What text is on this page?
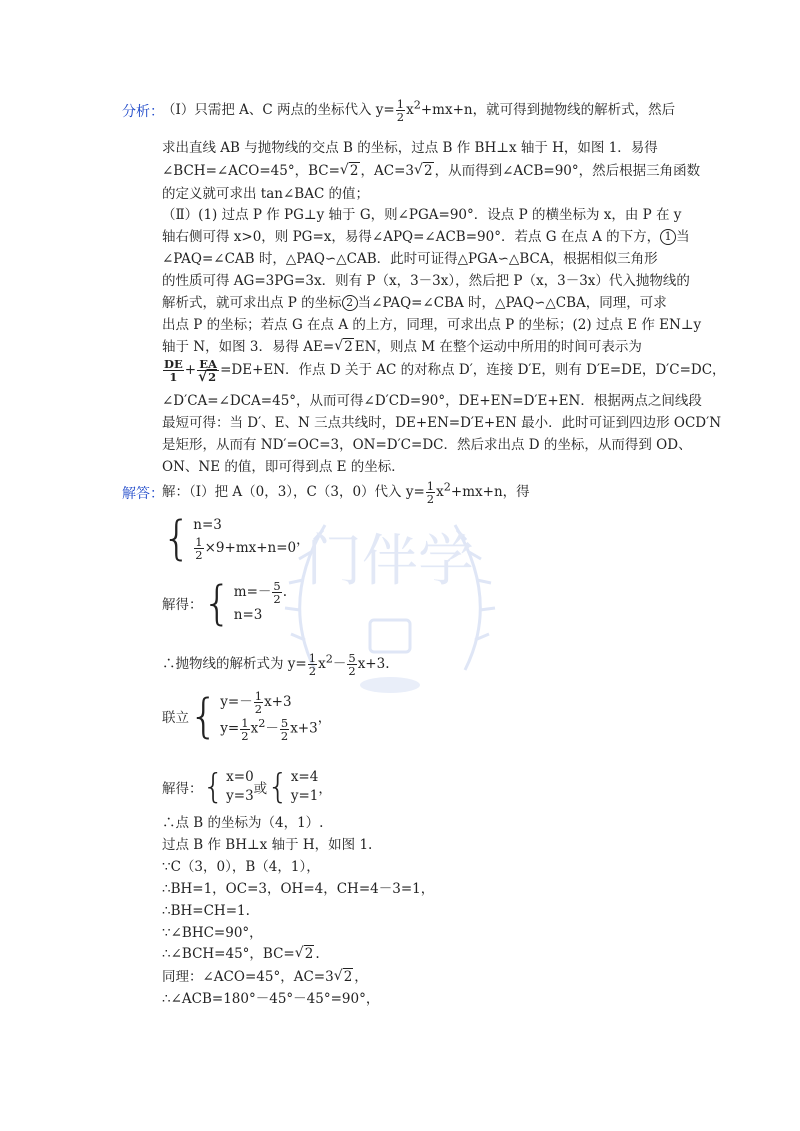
门伴学
分析：
（Ⅰ）只需把 A、C 两点的坐标代入 $y= \frac{1}{2} x^2+mx+n$，就可得到抛物线的解析式，然后
求出直线 AB 与抛物线的交点 B 的坐标，过点 B 作 BH⊥x 轴于 H，如图 1．易得
∠BCH=∠ACO=45°，BC= √ 2 ，AC=3 √ 2 ，从而得到∠ACB=90°，然后根据三角函数
的定义就可求出 tan∠BAC 的值；
（Ⅱ）(1) 过点 P 作 PG⊥y 轴于 G，则∠PGA=90°．设点 P 的横坐标为 x，由 P 在 y
轴右侧可得 x>0，则 PG=x，易得∠APQ=∠ACB=90°．若点 G 在点 A 的下方， 1 当
∠PAQ=∠CAB 时，△PAQ∽△CAB．此时可证得△PGA∽△BCA，根据相似三角形
的性质可得 AG=3PG=3x．则有 P（x，3－3x），然后把 P（x，3－3x）代入抛物线的
解析式，就可求出点 P 的坐标 2 当∠PAQ=∠CBA 时，△PAQ∽△CBA，同理，可求
出点 P 的坐标；若点 G 在点 A 的上方，同理，可求出点 P 的坐标；(2) 过点 E 作 EN⊥y
轴于 N，如图 3．易得 AE= √ 2 EN，则点 M 在整个运动中所用的时间可表示为
$\frac{DE}{1}$ + EA
√ 2 =DE+EN．作点 D 关于 AC 的对称点 D′，连接 D′E，则有 D′E=DE，D′C=DC，
∠D′CA=∠DCA=45°，从而可得∠D′CD=90°，DE+EN=D′E+EN．根据两点之间线段
最短可得：当 D′、E、N 三点共线时，DE+EN=D′E+EN 最小．此时可证到四边形 OCD′N
是矩形，从而有 ND′=OC=3，ON=D′C=DC．然后求出点 D 的坐标，从而得到 OD、
ON、NE 的值，即可得到点 E 的坐标．
解答：
解：（Ⅰ）把 A（0，3），C（3，0）代入 $y= \frac{1}{2} x^2+mx+n$，得
{ n=3
$\frac{1}{2} \times 9+mx+n=0$ ，
解得： { $m=- \frac{5}{2}$ .
n=3
∴抛物线的解析式为 $y= \frac{1}{2} x^2- \frac{5}{2} x+3$.
联立 { $y=- \frac{1}{2} x+3$
$y= \frac{1}{2} x^2- \frac{5}{2} x+3$
，
解得： { x=0
y=3 或 { x=4
y=1 ，
∴点 B 的坐标为（4，1）.
过点 B 作 BH⊥x 轴于 H，如图 1.
∵C（3，0），B（4，1），
∴BH=1，OC=3，OH=4，CH=4－3=1，
∴BH=CH=1.
∵∠BHC=90°，
∴∠BCH=45°，BC= √ 2 .
同理：∠ACO=45°，AC=3 √ 2 ，
∴∠ACB=180°－45°－45°=90°，
